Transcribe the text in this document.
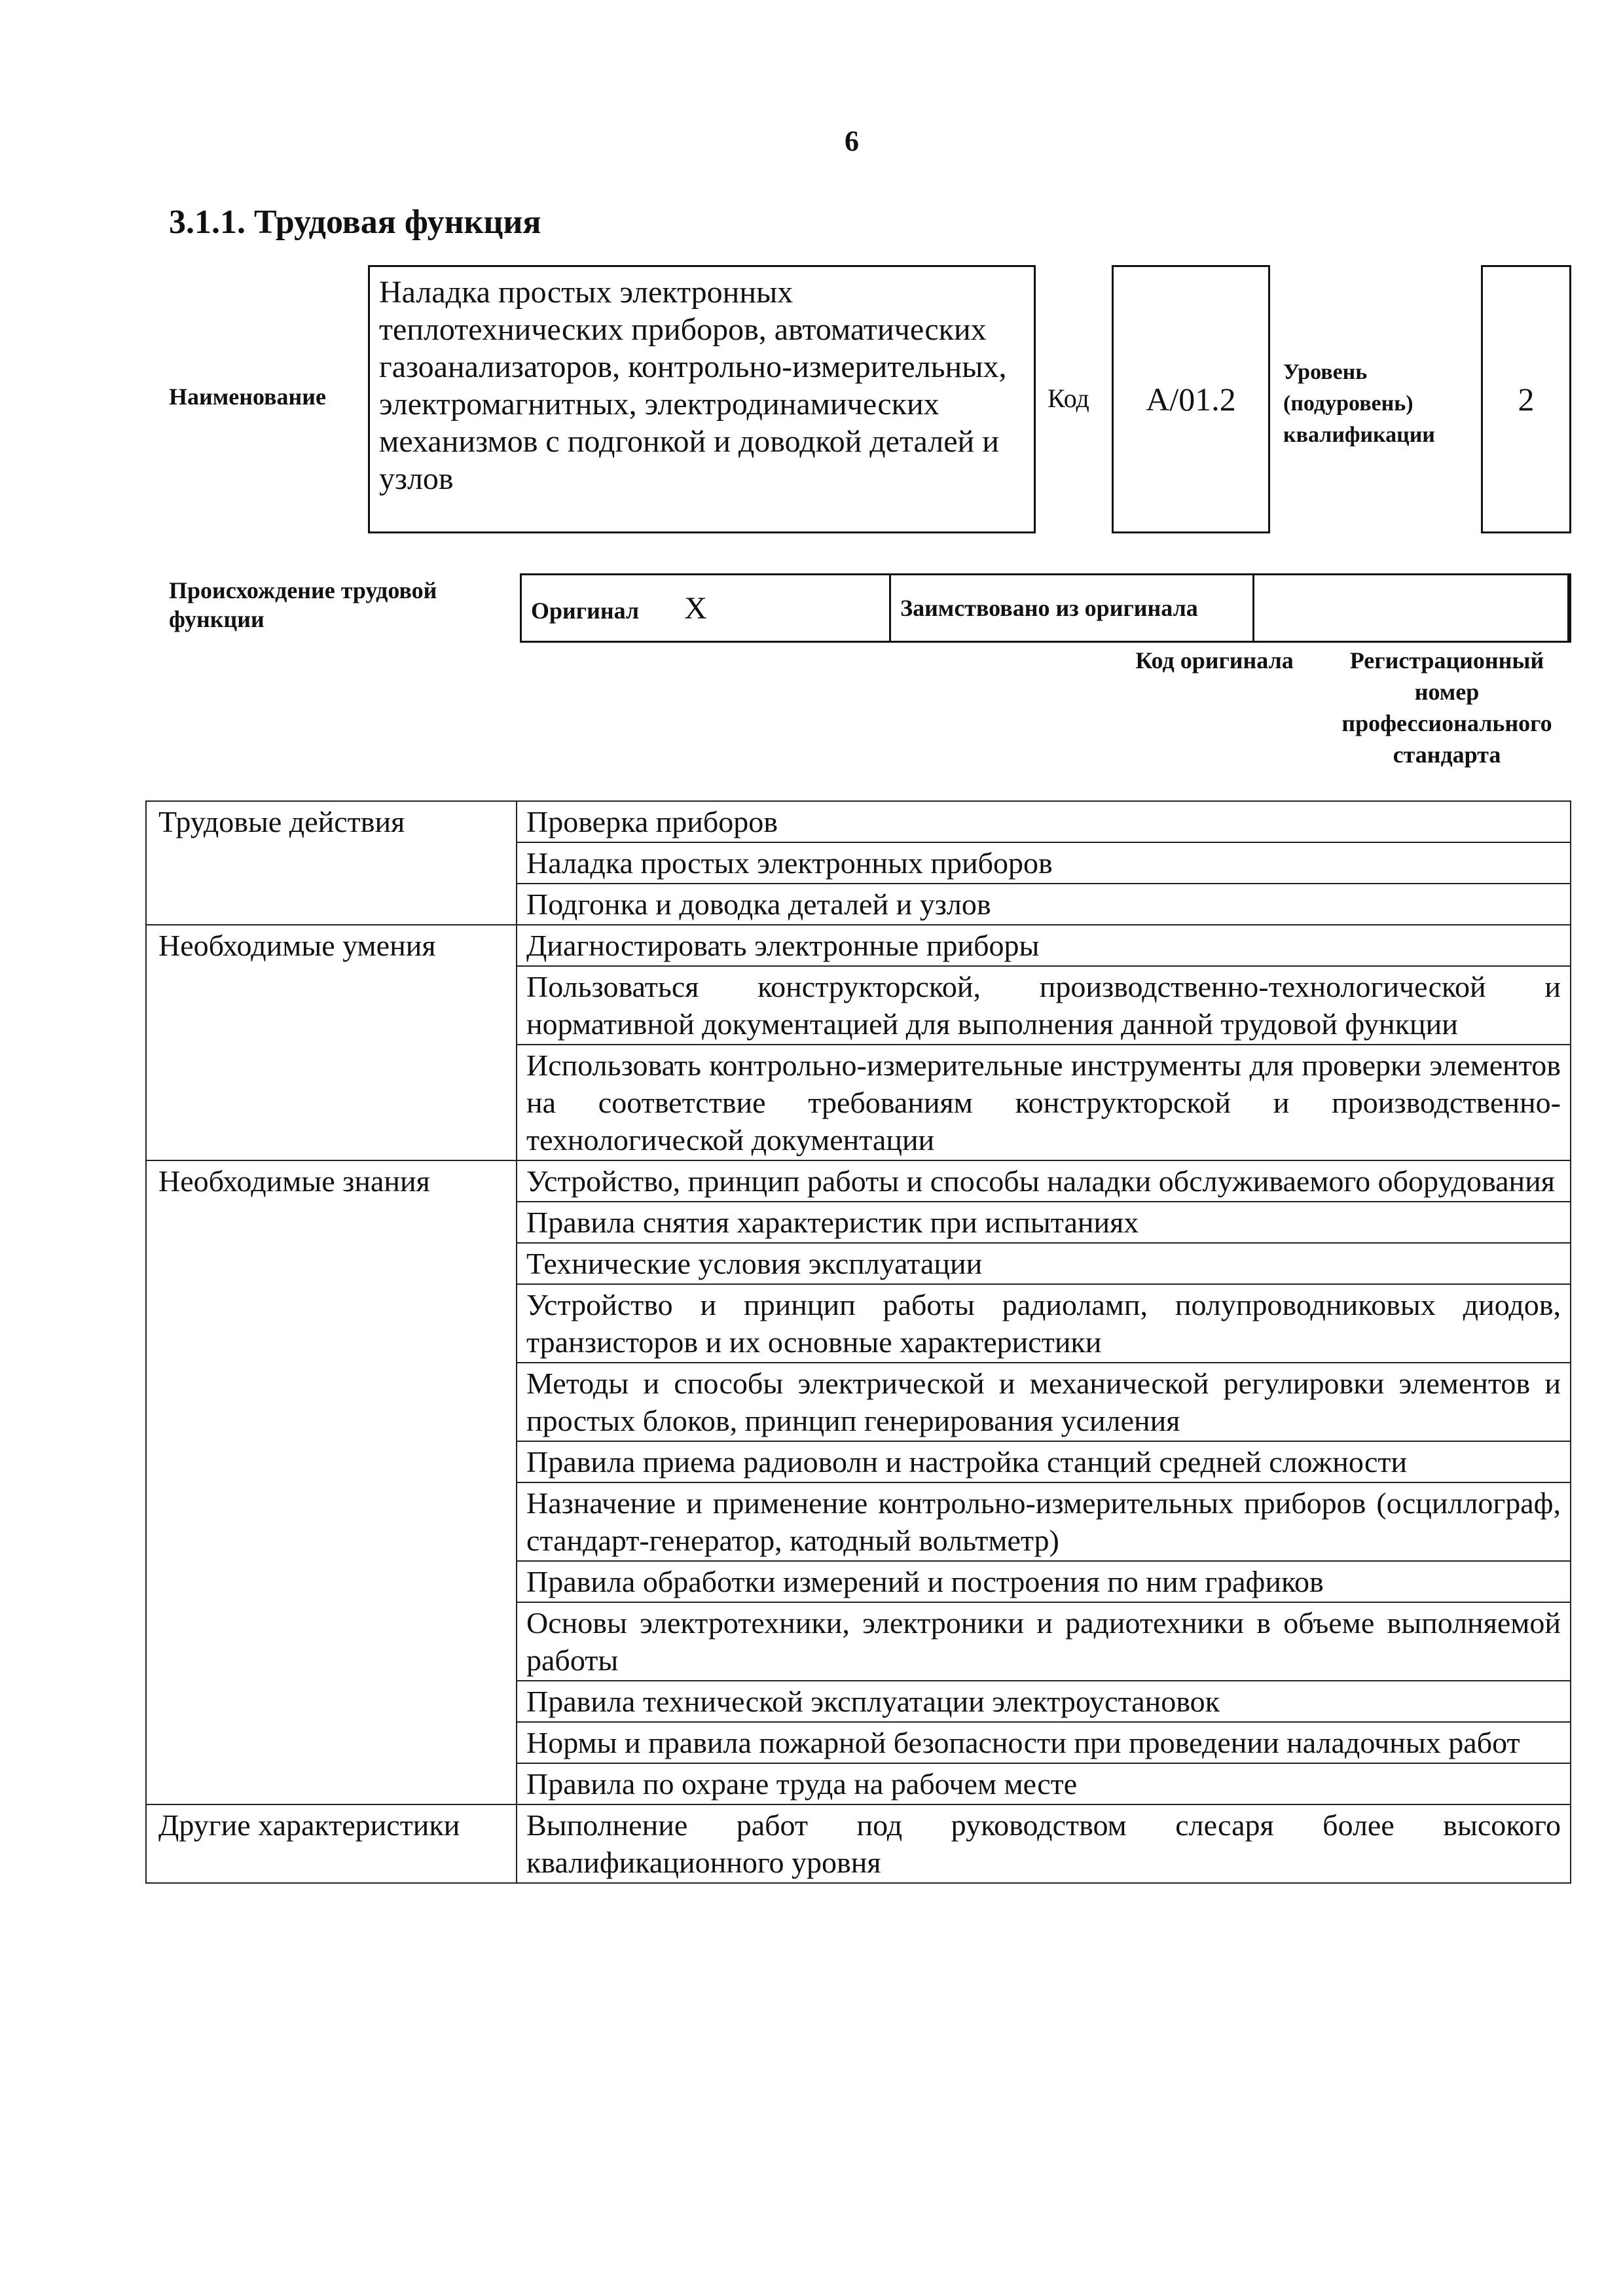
6
3.1.1. Трудовая функция
Наименование
Наладка простых электронных теплотехнических приборов, автоматических газоанализаторов, контрольно-измерительных, электромагнитных, электродинамических механизмов с подгонкой и доводкой деталей и узлов
Код A/01.2
Уровень (подуровень) квалификации
2
Происхождение трудовой функции	Оригинал X	Заимствовано из оригинала		
Код оригинала	Регистрационный номер профессионального стандарта
Трудовые действия	Проверка приборов
	Наладка простых электронных приборов
	Подгонка и доводка деталей и узлов
Необходимые умения	Диагностировать электронные приборы
	Пользоваться конструкторской, производственно-технологической и нормативной документацией для выполнения данной трудовой функции
	Использовать контрольно-измерительные инструменты для проверки элементов на соответствие требованиям конструкторской и производственно-технологической документации
Необходимые знания	Устройство, принцип работы и способы наладки обслуживаемого оборудования
	Правила снятия характеристик при испытаниях
	Технические условия эксплуатации
	Устройство и принцип работы радиоламп, полупроводниковых диодов, транзисторов и их основные характеристики
	Методы и способы электрической и механической регулировки элементов и простых блоков, принцип генерирования усиления
	Правила приема радиоволн и настройка станций средней сложности
	Назначение и применение контрольно-измерительных приборов (осциллограф, стандарт-генератор, катодный вольтметр)
	Правила обработки измерений и построения по ним графиков
	Основы электротехники, электроники и радиотехники в объеме выполняемой работы
	Правила технической эксплуатации электроустановок
	Нормы и правила пожарной безопасности при проведении наладочных работ
	Правила по охране труда на рабочем месте
Другие характеристики	Выполнение работ под руководством слесаря более высокого квалификационного уровня
